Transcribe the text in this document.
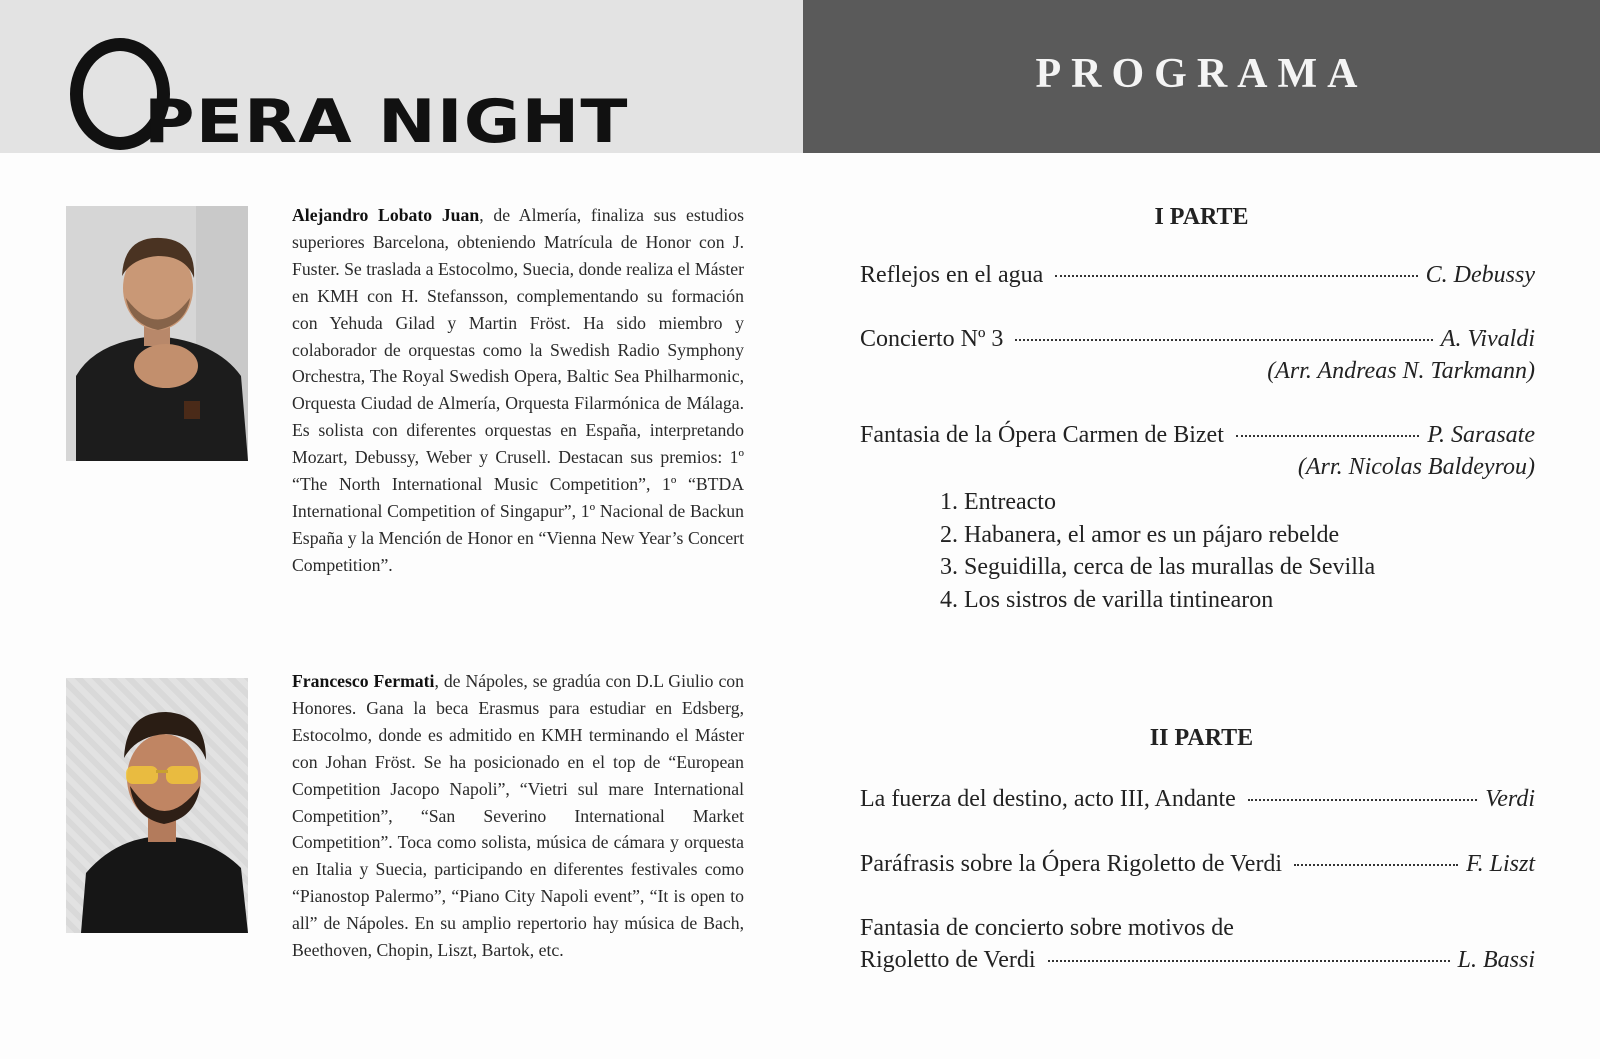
PERA NIGHT
PROGRAMA
Alejandro Lobato Juan, de Almería, finaliza sus estudios superiores Barcelona, obteniendo Matrícula de Honor con J. Fuster. Se traslada a Estocolmo, Suecia, donde realiza el Máster en KMH con H. Stefansson, complementando su formación con Yehuda Gilad y Martin Fröst. Ha sido miembro y colaborador de orquestas como la Swedish Radio Symphony Orchestra, The Royal Swedish Opera, Baltic Sea Philharmonic, Orquesta Ciudad de Almería, Orquesta Filarmónica de Málaga. Es solista con diferentes orquestas en España, interpretando Mozart, Debussy, Weber y Crusell. Destacan sus premios: 1º “The North International Music Competition”, 1º “BTDA International Competition of Singapur”, 1º Nacional de Backun España y la Mención de Honor en “Vienna New Year’s Concert Competition”.
Francesco Fermati, de Nápoles, se gradúa con D.L Giulio con Honores. Gana la beca Erasmus para estudiar en Edsberg, Estocolmo, donde es admitido en KMH terminando el Máster con Johan Fröst. Se ha posicionado en el top de “European Competition Jacopo Napoli”, “Vietri sul mare International Competition”, “San Severino International Market Competition”. Toca como solista, música de cámara y orquesta en Italia y Suecia, participando en diferentes festivales como “Pianostop Palermo”, “Piano City Napoli event”, “It is open to all” de Nápoles. En su amplio repertorio hay música de Bach, Beethoven, Chopin, Liszt, Bartok, etc.
I PARTE
Reflejos en el agua	C. Debussy
Concierto Nº 3	A. Vivaldi
(Arr. Andreas N. Tarkmann)
Fantasia de la Ópera Carmen de Bizet	P. Sarasate
(Arr. Nicolas Baldeyrou)
1. Entreacto
2. Habanera, el amor es un pájaro rebelde
3. Seguidilla, cerca de las murallas de Sevilla
4. Los sistros de varilla tintinearon
II PARTE
La fuerza del destino, acto III, Andante	Verdi
Paráfrasis sobre la Ópera Rigoletto de Verdi	F. Liszt
Fantasia de concierto sobre motivos de
Rigoletto de Verdi	L. Bassi
